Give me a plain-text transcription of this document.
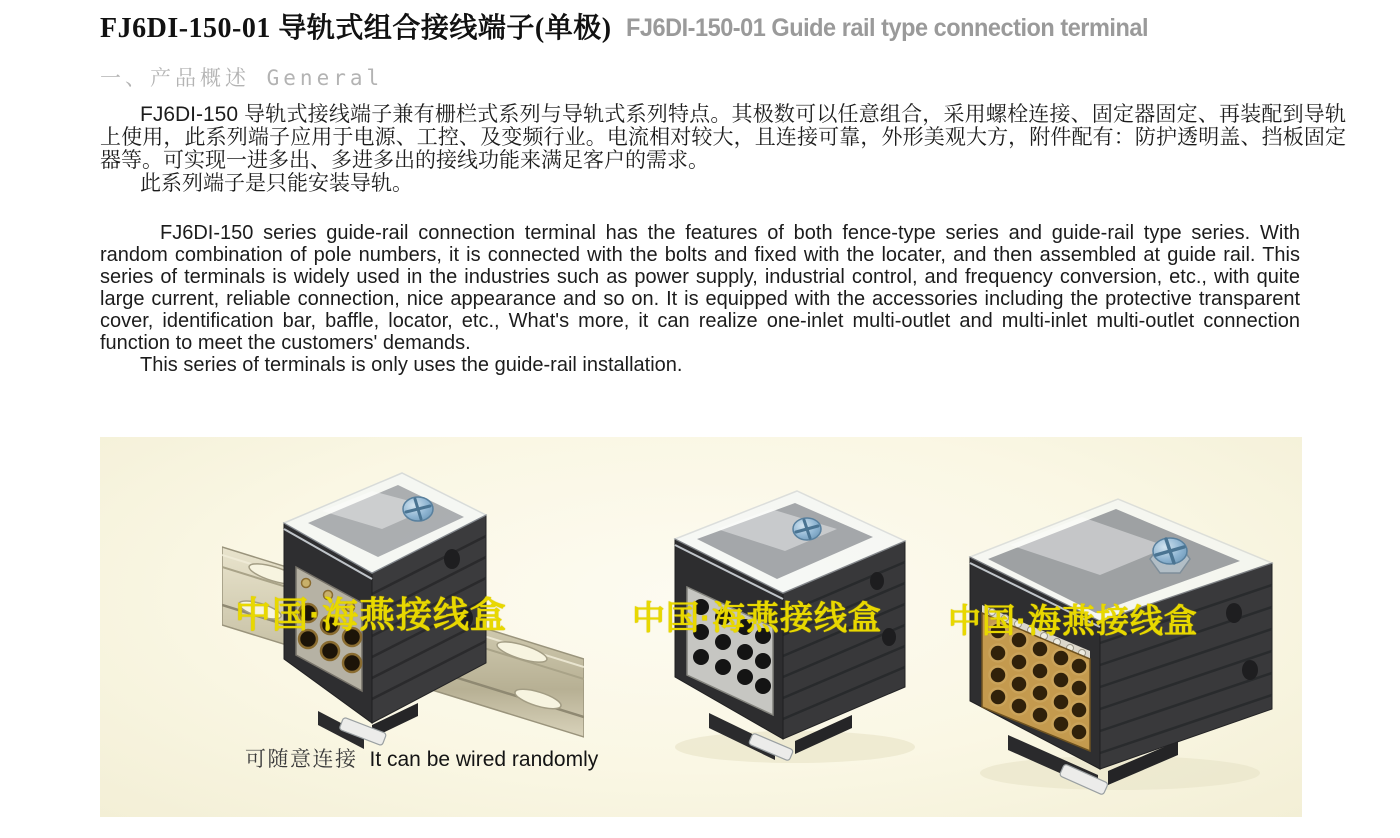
FJ6DI-150-01 导轨式组合接线端子(单极) FJ6DI-150-01 Guide rail type connection terminal
一、产品概述 General

FJ6DI-150 导轨式接线端子兼有栅栏式系列与导轨式系列特点。其极数可以任意组合，采用螺栓连接、固定器固定、再装配到导轨上使用，此系列端子应用于电源、工控、及变频行业。电流相对较大，且连接可靠，外形美观大方，附件配有：防护透明盖、挡板固定器等。可实现一进多出、多进多出的接线功能来满足客户的需求。

此系列端子是只能安装导轨。

FJ6DI-150 series guide-rail connection terminal has the features of both fence-type series and guide-rail type series. With random combination of pole numbers, it is connected with the bolts and fixed with the locater, and then assembled at guide rail. This series of terminals is widely used in the industries such as power supply, industrial control, and frequency conversion, etc., with quite large current, reliable connection, nice appearance and so on. It is equipped with the accessories including the protective transparent cover, identification bar, baffle, locator, etc., What's more, it can realize one-inlet multi-outlet and multi-inlet multi-outlet connection function to meet the customers' demands.

This series of terminals is only uses the guide-rail installation.

中国·海燕接线盒	中国·海燕接线盒 中国·海燕接线盒
可随意连接 It can be wired randomly
